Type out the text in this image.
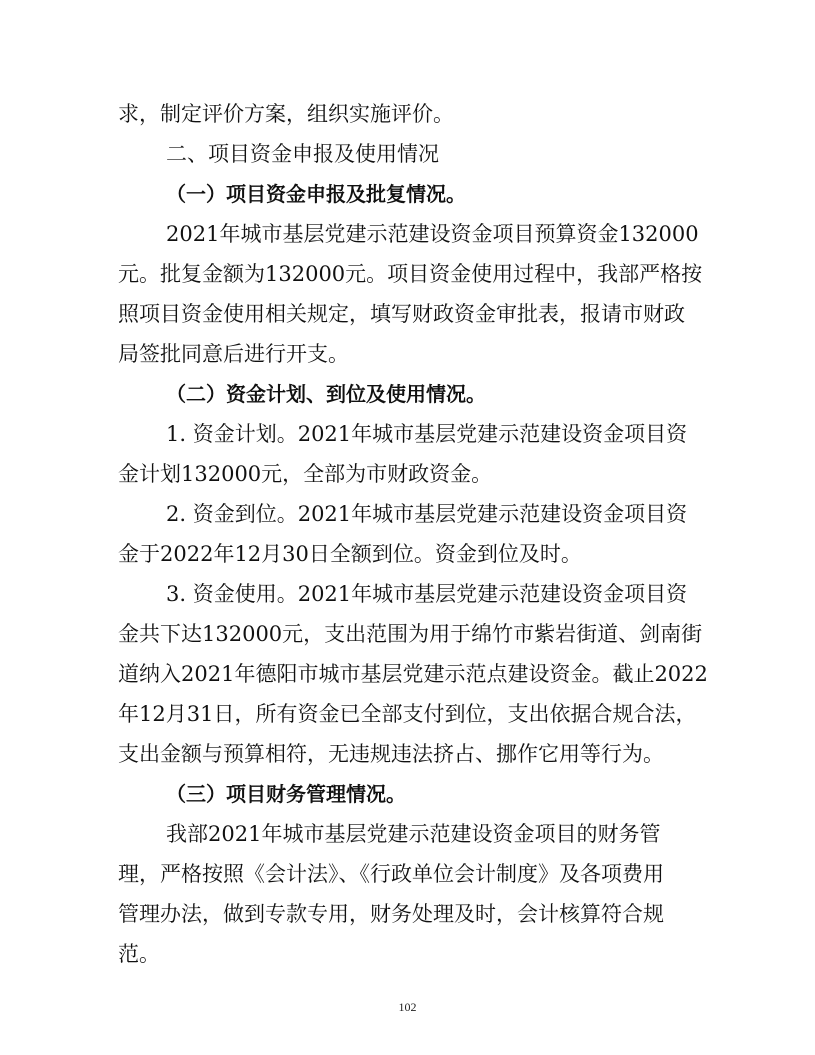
求，制定评价方案，组织实施评价。
二、项目资金申报及使用情况
（一）项目资金申报及批复情况。
2021年城市基层党建示范建设资金项目预算资金132000
元。批复金额为132000元。项目资金使用过程中，我部严格按
照项目资金使用相关规定，填写财政资金审批表，报请市财政
局签批同意后进行开支。
（二）资金计划、到位及使用情况。
1. 资金计划。2021年城市基层党建示范建设资金项目资
金计划132000元，全部为市财政资金。
2. 资金到位。2021年城市基层党建示范建设资金项目资
金于2022年12月30日全额到位。资金到位及时。
3. 资金使用。2021年城市基层党建示范建设资金项目资
金共下达132000元，支出范围为用于绵竹市紫岩街道、剑南街
道纳入2021年德阳市城市基层党建示范点建设资金。截止2022
年12月31日，所有资金已全部支付到位，支出依据合规合法，
支出金额与预算相符，无违规违法挤占、挪作它用等行为。
（三）项目财务管理情况。
我部2021年城市基层党建示范建设资金项目的财务管
理，严格按照《会计法》、《行政单位会计制度》及各项费用
管理办法，做到专款专用，财务处理及时，会计核算符合规
范。
102
